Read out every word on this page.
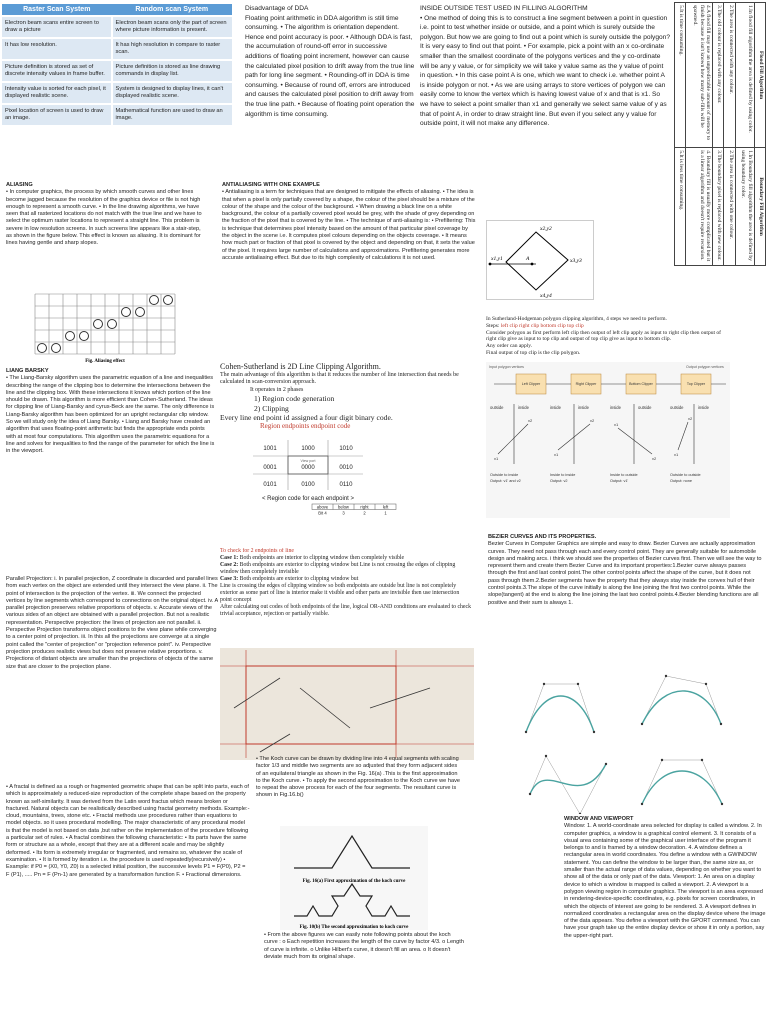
Raster Scan System	Random scan System
Electron beam scans entire screen to draw a picture	Electron beam scans only the part of screen where picture information is present.
It has low resolution.	It has high resolution in compare to raster scan.
Picture definition is stored as set of discrete intensity values in frame buffer.	Picture definition is stored as line drawing commands in display list.
Intensity value is sorted for each pixel, it displayed realistic scene.	System is designed to display lines, it can't displayed realistic scene.
Pixel location of screen is used to draw an image.	Mathematical function are used to draw an image.
Disadvantage of DDA
Floating point arithmetic in DDA algorithm is still time consuming. • The algorithm is orientation dependent. Hence end point accuracy is poor. • Although DDA is fast, the accumulation of round-off error in successive additions of floating point increment, however can cause the calculated pixel position to drift away from the true line path for long line segment. • Rounding-off in DDA is time consuming. • Because of round off, errors are introduced and causes the calculated pixel position to drift away from the true line path. • Because of floating point operation the algorithm is time consuming.
INSIDE OUTSIDE TEST USED IN FILLING ALGORITHM
• One method of doing this is to construct a line segment between a point in question i.e. point to test whether inside or outside, and a point which is surely outside the polygon. But how we are going to find out a point which is surely outside the polygon? It is very easy to find out that point. • For example, pick a point with an x co-ordinate smaller than the smallest coordinate of the polygons vertices and the y co-ordinate will be any y value, or for simplicity we will take y value same as the y value of point in question. • In this case point A is one, which we want to check i.e. whether point A is inside polygon or not. • As we are using arrays to store vertices of polygon we can easily come to know the vertex which is having lowest value of x and that is x1. So we have to select a point smaller than x1 and generally we select same value of y as that of point A, in order to draw straight line. But even if you select any y value for outside point, it will not make any difference.
Flood Fill Algorithm	Boundary Fill Algorithm
1.In flood fill algorithm the area is defined by using color.	1.In Boundary fill algorithm the area is defined by using boundary color.
2.The area is connected with any colour.	2.The area is connected with one colour.
3.The old colour is replaced with any colour.	3.The boundary pixel is replaced with new colour.
4.A flood fill may use an unpredictable amount of memory to finish because it isn't known how many sub-fills will be spawned.	4. Boundary fill is usually more complicated but it is a linear algorithm and doesn't require recursion.
5.It is time consuming.	5.It is less time consuming.
ALIASING
• In computer graphics, the process by which smooth curves and other lines become jagged because the resolution of the graphics device or file is not high enough to represent a smooth curve. • In the line drawing algorithms, we have seen that all rasterized locations do not match with the true line and we have to select the optimum raster locations to represent a straight line. This problem is severe in low resolution screens. In such screens line appears like a stair-step, as shown in the figure below. This effect is known as aliasing. It is dominant for lines having gentle and sharp slopes.
Fig. Aliasing effect
ANTIALIASING WITH ONE EXAMPLE
• Antialiasing is a term for techniques that are designed to mitigate the effects of aliasing. • The idea is that when a pixel is only partially covered by a shape, the colour of the pixel should be a mixture of the colour of the shape and the colour of the background. • When drawing a black line on a white background, the colour of a partially covered pixel would be grey, with the shade of grey depending on the fraction of the pixel that is covered by the line. • The technique of anti-aliasing is: • Prefiltering: This is technique that determines pixel intensity based on the amount of that particular pixel coverage by the object in the scene i.e. It computes pixel colours depending on the objects coverage. • It means how much part or fraction of that pixel is covered by the object and depending on that, it sets the value of the pixel. It requires large number of calculations and approximations. Prefiltering generates more accurate antialiasing effect. But due to its high complexity of calculations it is not used.
x2,y2
x1,y1	A	x3,y3
x4,y4
In Sutherland-Hodgeman polygon clipping algorithm, 4 steps we need to perform.
Steps: left clip right clip bottom clip top clip
Consider polygon as first perform left clip then output of left clip apply as input to right clip then output of right clip give as input to top clip and output of top clip give as input to bottom clip.
Any order can apply.
Final output of top clip is the clip polygon.
Input polygon vertices	Output polygon vertices
Left Clipper	Right Clipper	Bottom Clipper	Top Clipper
outside	inside	inside	inside	inside	outside	outside	inside
v1
v2
v1
v2
v1
v2
v1
v2
Outside to inside
Output: v1' and v2
Inside to inside
Output: v2
Inside to outside
Output: v1'
Outside to outside
Output: none
LIANG BARSKY
• The Liang-Barsky algorithm uses the parametric equation of a line and inequalities describing the range of the clipping box to determine the intersections between the line and the clipping box. With these intersections it knows which portion of the line should be drawn. This algorithm is more efficient than Cohen-Sutherland. The ideas for clipping line of Liang-Barsky and cyrus-Beck are the same. The only difference is Liang-Barsky algorithm has been optimized for an upright rectangular clip window. So we will study only the idea of Liang Barsky. • Liang and Barsky have created an algorithm that uses floating-point arithmetic but finds the appropriate ends points with at most four computations. This algorithm uses the parametric equations for a line and solves for inequalities to find the range of the parameter for which the line is in the viewport.
Cohen-Sutherland is 2D Line Clipping Algorithm.
The main advantage of this algorithm is that it reduces the number of line intersection that needs be calculated in scan-conversion approach.
It operates in 2 phases
1) Region code generation
2) Clipping
Every line end point id assigned a four digit binary code.
Region endpoints endpoint code
1001	1000	1010
0001	0000	0010
0101	0100	0110
View port
< Region code for each endpoint >
above below	right	left
Bit 4	3	2	1
To check for 2 endpoints of line
Case 1: Both endpoints are interior to clipping window then completely visible
Case 2: Both endpoints are exterior to clipping window but Line is not crossing the edges of clipping window then completely invisible
Case 3: Both endpoints are exterior to clipping window but
Line is crossing the edges of clipping window so both endpoints are outside but line is not completely exterior as some part of line is interior make it visible and other parts are invisible then use intersection point concept
After calculating out codes of both endpoints of the line, logical OR-AND conditions are evaluated to check trivial acceptance, rejection or partially visible.
BEZIER CURVES AND ITS PROPERTIES.
Bezier Curves in Computer Graphics are simple and easy to draw. Bezier Curves are actually approximation curves. They need not pass through each and every control point. They are generally suitable for automobile design and making arcs. i think we should see the properties of Bezier curves first. Then we will see the way to represent them and create them Bezier Curve and its important properties:1.Bezier curve always passes through the first and last control point.The other control points affect the shape of the curve, but it does not pass through them.2.Bezier segments have the property that they always stay inside the convex hull of their control points.3.The slope of the curve initially is along the line joining the first two control points. While the slope(tangent) at the end is along the line joining the last two control points.4.Bezier blending functions are all positive and their sum is always 1.
Parallel Projection: i. In parallel projection, Z coordinate is discarded and parallel lines from each vertex on the object are extended until they intersect the view plane. ii. The point of intersection is the projection of the vertex. iii. We connect the projected vertices by line segments which correspond to connections on the original object. iv. A parallel projection preserves relative proportions of objects. v. Accurate views of the various sides of an object are obtained with a parallel projection. But not a realistic representation. Perspective projection: the lines of projection are not parallel. ii. Perspective Projection transforms object positions to the view plane while converging to a center point of projection. iii. In this all the projections are converge at a single point called the "center of projection" or "projection reference point". iv. Perspective projection produces realistic views but does not preserve relative proportions. v. Projections of distant objects are smaller than the projections of objects of the same size that are closer to the projection plane.
• The Koch curve can be drawn by dividing line into 4 equal segments with scaling factor 1/3 and middle two segments are so adjusted that they form adjacent sides of an equilateral triangle as shown in the Fig. 16(a) .This is the first approximation to the Koch curve. • To apply the second approximation to the Koch curve we have to repeat the above process for each of the four segments. The resultant curve is shown in Fig.16.b()
Fig. 16(a) First approximation of the koch curve
Fig. 10(b) The second approximation to koch curve
• From the above figures we can easily note following points about the koch curve : o Each repetition increases the length of the curve by factor 4/3. o Length of curve is infinite. o Unlike Hilbert's curve, it doesn't fill an area. o It doesn't deviate much from its original shape.
• A fractal is defined as a rough or fragmented geometric shape that can be split into parts, each of which is approximately a reduced-size reproduction of the complete shape based on the property known as self-similarity. It was derived from the Latin word fractus which means broken or fractured. Natural objects can be realistically described using fractal geometry methods. Example:- cloud, mountains, trees, stone etc. • Fractal methods use procedures rather than equations to model objects. so it uses procedural modelling. The major characteristic of any procedural model is that the model is not based on data ,but rather on the implementation of the procedure following a particular set of rules. • A fractal combines the following characteristic: • Its parts have the same form or structure as a whole, except that they are at a different scale and may be slightly deformed. • Its form is extremely irregular or fragmented, and remains so, whatever the scale of examination. • It is formed by iteration i.e. the procedure is used repeatedly(recursively) • Example: if P0 = (X0, Y0, Z0) is a selected initial position, the successive levels P1 = F(P0), P2 = F (P1), ..... Pn = F (Pn-1) are generated by a transformation function F. • Fractional dimensions.
WINDOW AND VIEWPORT
Window: 1. A world-coordinate area selected for display is called a window. 2. In computer graphics, a window is a graphical control element. 3. It consists of a visual area containing some of the graphical user interface of the program it belongs to and is framed by a window decoration. 4. A window defines a rectangular area in world coordinates. You define a window with a GWINDOW statement. You can define the window to be larger than, the same size as, or smaller than the actual range of data values, depending on whether you want to show all of the data or only part of the data. Viewport: 1. An area on a display device to which a window is mapped is called a viewport. 2. A viewport is a polygon viewing region in computer graphics. The viewport is an area expressed in rendering-device-specific coordinates, e.g. pixels for screen coordinates, in which the objects of interest are going to be rendered. 3. A viewport defines in normalized coordinates a rectangular area on the display device where the image of the data appears. You define a viewport with the GPORT command. You can have your graph take up the entire display device or show it in only a portion, say the upper-right part.
